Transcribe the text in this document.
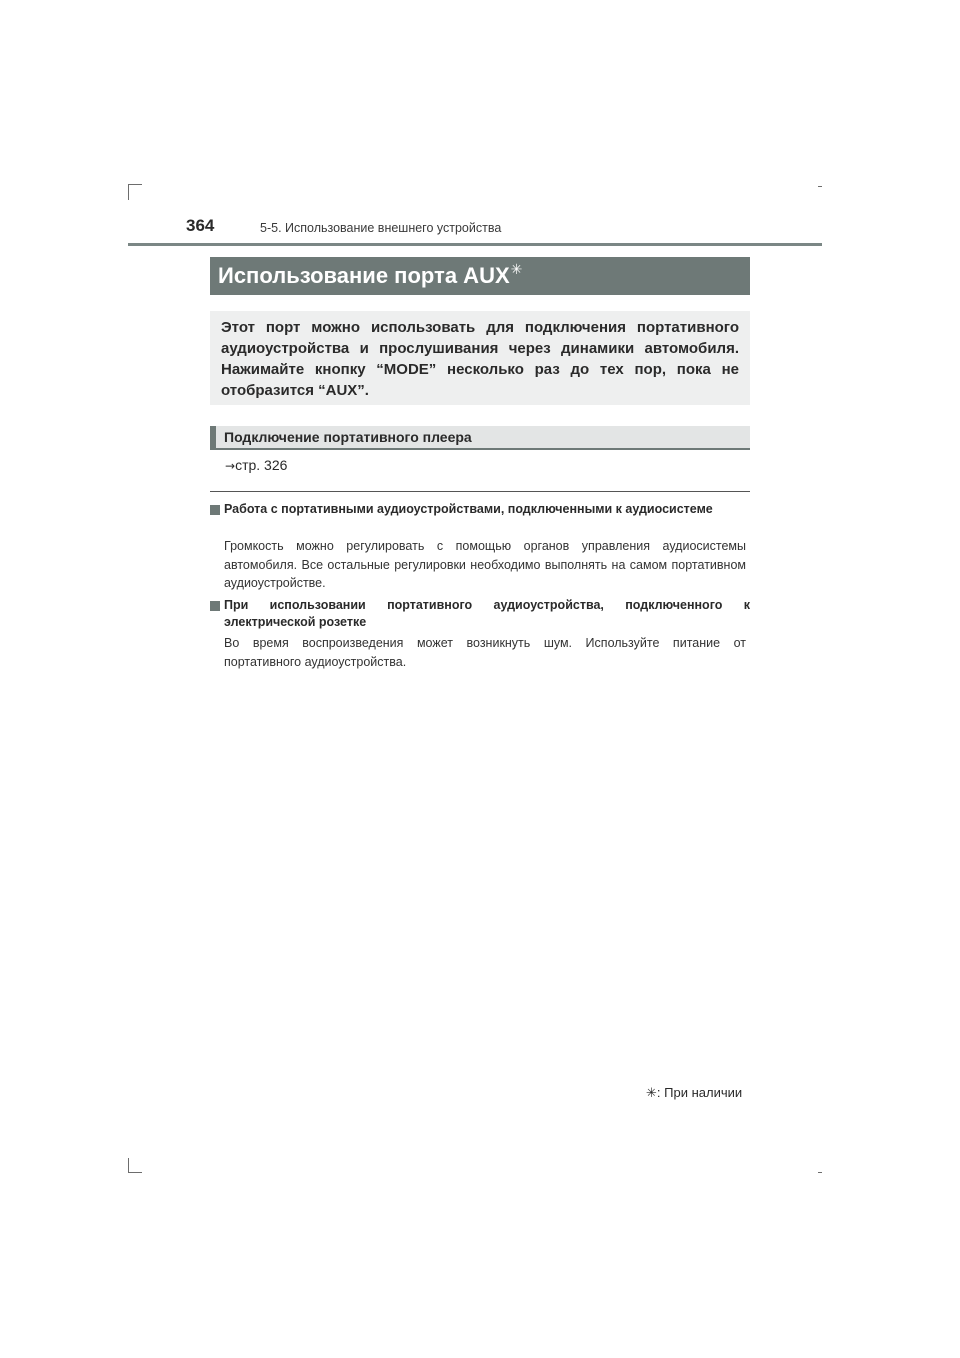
364	5-5. Использование внешнего устройства
Использование порта AUX✳
Этот порт можно использовать для подключения портативного аудиоустройства и прослушивания через динамики автомобиля. Нажимайте кнопку “MODE” несколько раз до тех пор, пока не отобразится “AUX”.
Подключение портативного плеера
→стр. 326
Работа с портативными аудиоустройствами, подключенными к аудиосистеме
Громкость можно регулировать с помощью органов управления аудиосистемы автомобиля. Все остальные регулировки необходимо выполнять на самом портативном аудиоустройстве.
При использовании портативного аудиоустройства, подключенного к электрической розетке
Во время воспроизведения может возникнуть шум. Используйте питание от портативного аудиоустройства.
✳: При наличии
